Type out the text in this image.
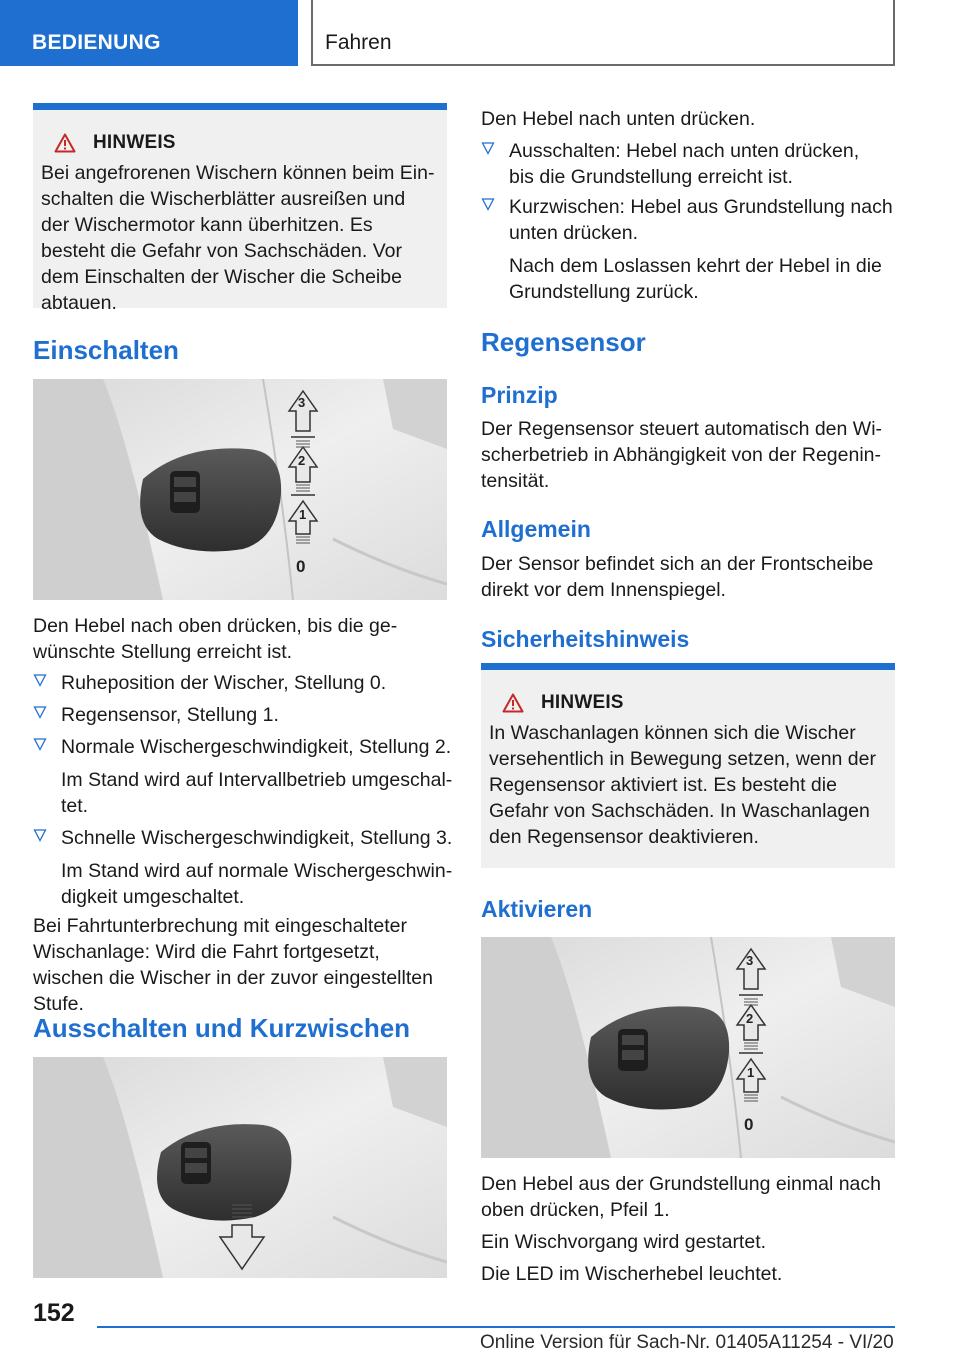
BEDIENUNG	Fahren
HINWEIS

Bei angefrorenen Wischern können beim Einschalten die Wischerblätter ausreißen und der Wischermotor kann überhitzen. Es besteht die Gefahr von Sachschäden. Vor dem Einschalten der Wischer die Scheibe abtauen.

Einschalten
3
2
1
0

Den Hebel nach oben drücken, bis die gewünschte Stellung erreicht ist.

Ruheposition der Wischer, Stellung 0.
Regensensor, Stellung 1.
Normale Wischergeschwindigkeit, Stellung 2.
Im Stand wird auf Intervallbetrieb umgeschaltet.
Schnelle Wischergeschwindigkeit, Stellung 3.
Im Stand wird auf normale Wischergeschwindigkeit umgeschaltet.

Bei Fahrtunterbrechung mit eingeschalteter Wischanlage: Wird die Fahrt fortgesetzt, wischen die Wischer in der zuvor eingestellten Stufe.

Ausschalten und Kurzwischen

Den Hebel nach unten drücken.

Ausschalten: Hebel nach unten drücken, bis die Grundstellung erreicht ist.
Kurzwischen: Hebel aus Grundstellung nach unten drücken.
Nach dem Loslassen kehrt der Hebel in die Grundstellung zurück.
Regensensor
Prinzip

Der Regensensor steuert automatisch den Wischerbetrieb in Abhängigkeit von der Regenintensität.

Allgemein

Der Sensor befindet sich an der Frontscheibe direkt vor dem Innenspiegel.

Sicherheitshinweis
HINWEIS

In Waschanlagen können sich die Wischer versehentlich in Bewegung setzen, wenn der Regensensor aktiviert ist. Es besteht die Gefahr von Sachschäden. In Waschanlagen den Regensensor deaktivieren.

Aktivieren
3
2
1
0

Den Hebel aus der Grundstellung einmal nach oben drücken, Pfeil 1.

Ein Wischvorgang wird gestartet.

Die LED im Wischerhebel leuchtet.

152
Online Version für Sach-Nr. 01405A11254 - VI/20
